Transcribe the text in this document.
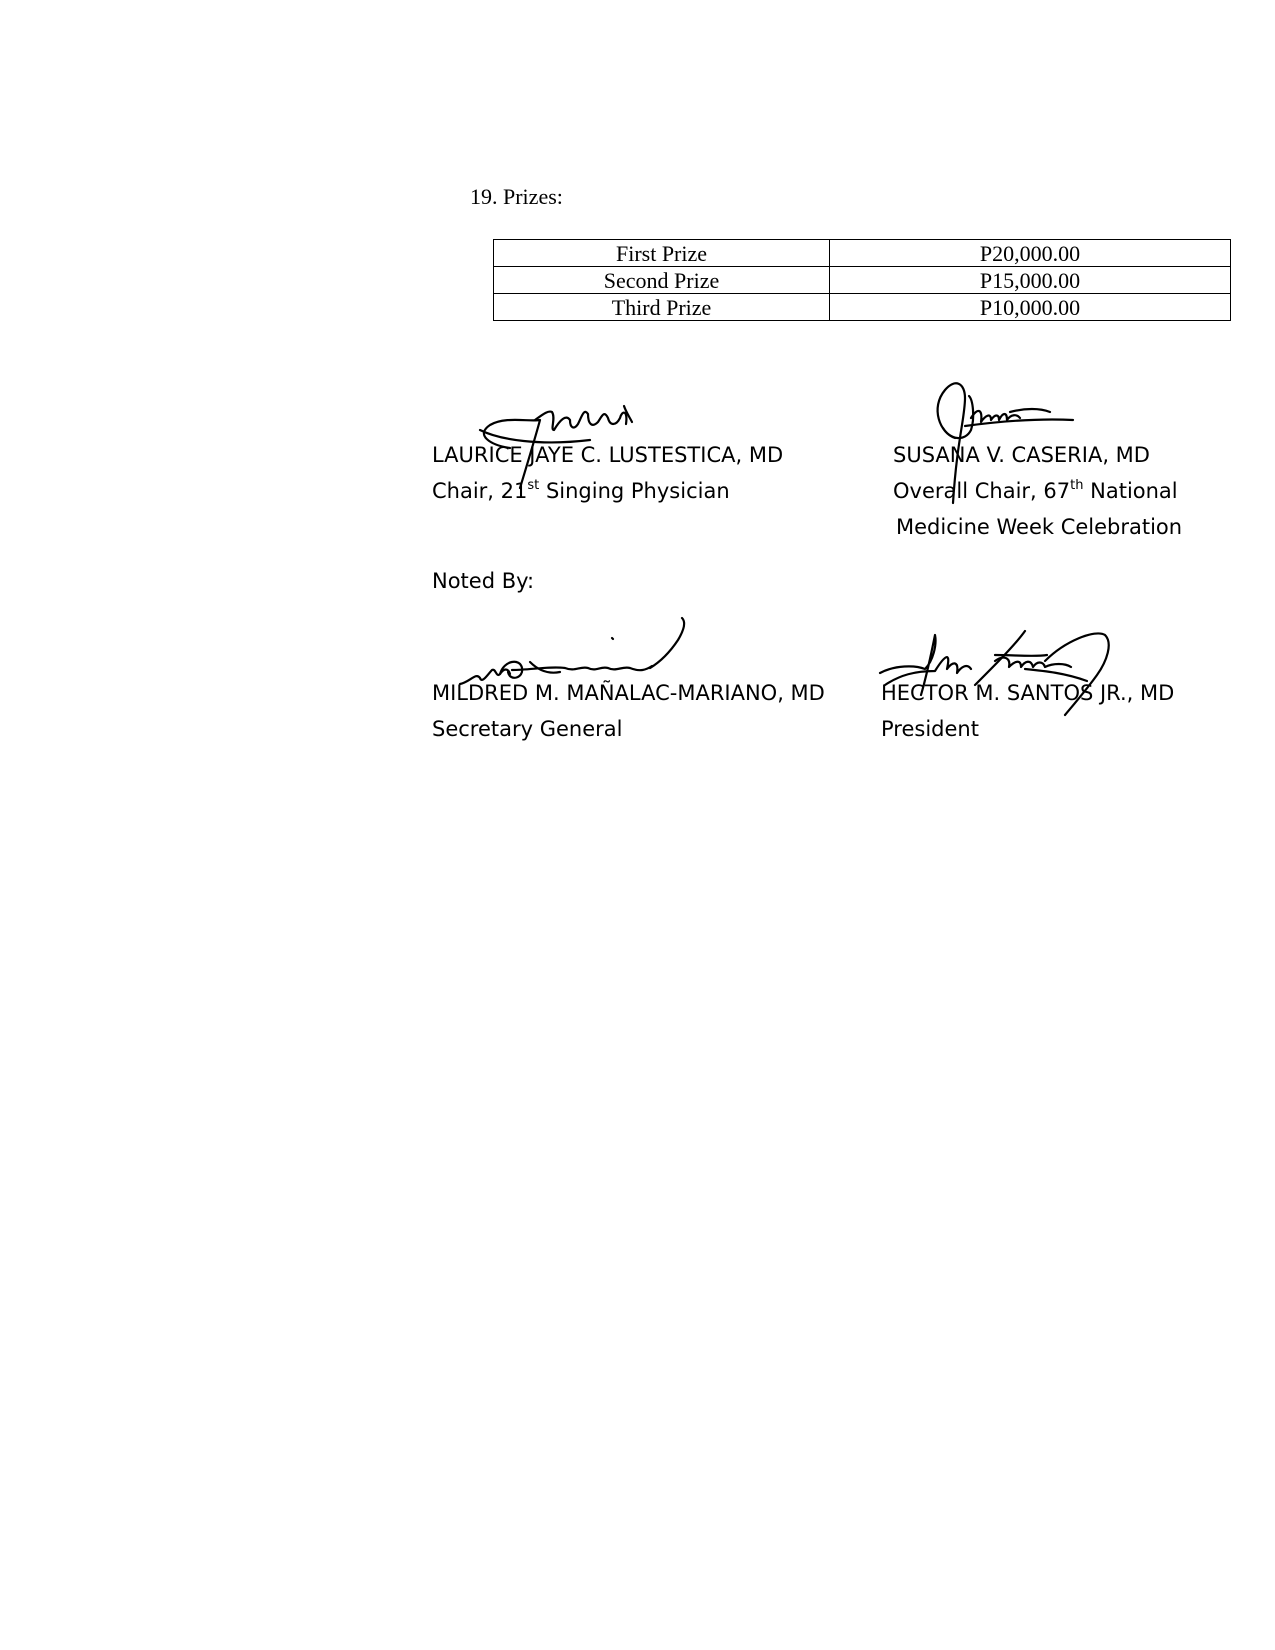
19. Prizes:
First Prize	P20,000.00
Second Prize	P15,000.00
Third Prize	P10,000.00
LAURICE JAYE C. LUSTESTICA, MD
Chair, 21st Singing Physician
SUSANA V. CASERIA, MD
Overall Chair, 67th National
Medicine Week Celebration
Noted By:
MILDRED M. MAÑALAC-MARIANO, MD
Secretary General
HECTOR M. SANTOS JR., MD
President
